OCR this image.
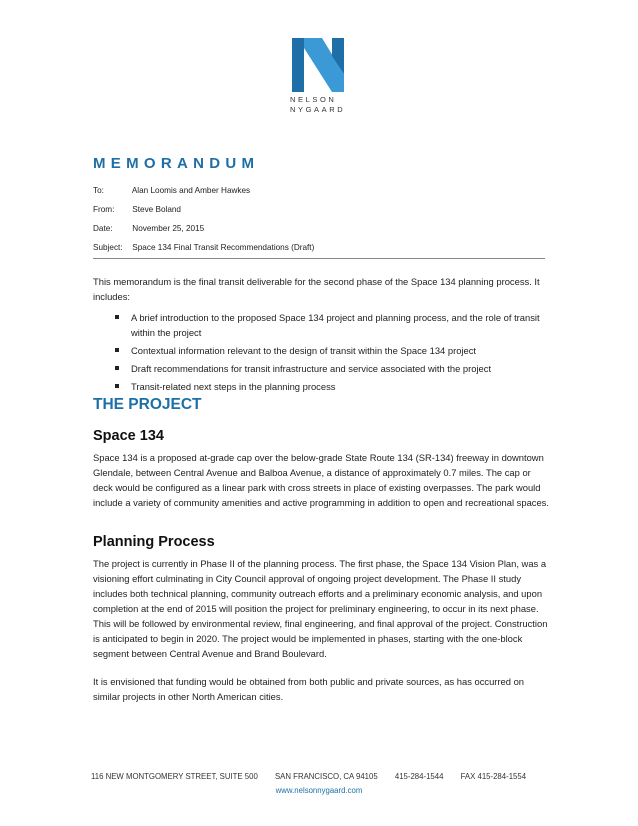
NELSON
NYGAARD
MEMORANDUM
To:	Alan Loomis and Amber Hawkes
From: Steve Boland
Date: November 25, 2015
Subject: Space 134 Final Transit Recommendations (Draft)
This memorandum is the final transit deliverable for the second phase of the Space 134 planning process. It includes:
A brief introduction to the proposed Space 134 project and planning process, and the role of transit within the project
Contextual information relevant to the design of transit within the Space 134 project
Draft recommendations for transit infrastructure and service associated with the project
Transit-related next steps in the planning process
THE PROJECT
Space 134
Space 134 is a proposed at-grade cap over the below-grade State Route 134 (SR-134) freeway in downtown Glendale, between Central Avenue and Balboa Avenue, a distance of approximately 0.7 miles. The cap or deck would be configured as a linear park with cross streets in place of existing overpasses. The park would include a variety of community amenities and active programming in addition to open and recreational spaces.
Planning Process
The project is currently in Phase II of the planning process. The first phase, the Space 134 Vision Plan, was a visioning effort culminating in City Council approval of ongoing project development. The Phase II study includes both technical planning, community outreach efforts and a preliminary economic analysis, and upon completion at the end of 2015 will position the project for preliminary engineering, to occur in its next phase. This will be followed by environmental review, final engineering, and final approval of the project. Construction is anticipated to begin in 2020. The project would be implemented in phases, starting with the one-block segment between Central Avenue and Brand Boulevard.
It is envisioned that funding would be obtained from both public and private sources, as has occurred on similar projects in other North American cities.
116 NEW MONTGOMERY STREET, SUITE 500 SAN FRANCISCO, CA 94105 415-284-1544 FAX 415-284-1554
www.nelsonnygaard.com
